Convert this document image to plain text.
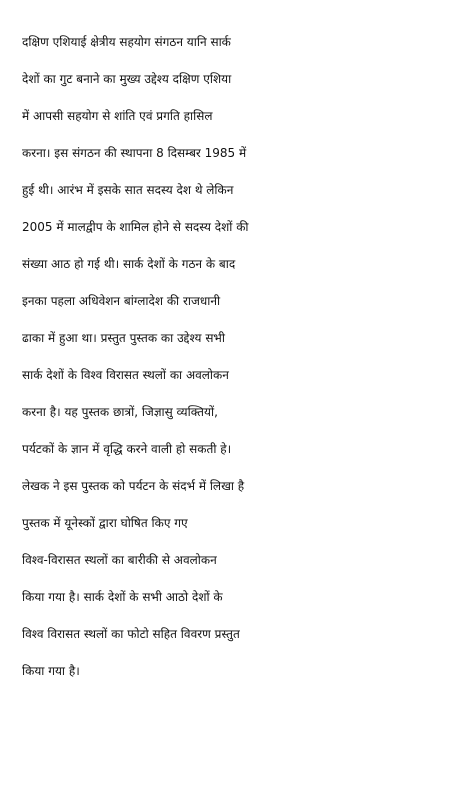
दक्षिण एशियाई क्षेत्रीय सहयोग संगठन यानि सार्क
देशों का गुट बनाने का मुख्य उद्देश्य दक्षिण एशिया
में आपसी सहयोग से शांति एवं प्रगति हासिल
करना। इस संगठन की स्थापना 8 दिसम्बर 1985 में
हुई थी। आरंभ में इसके सात सदस्य देश थे लेकिन
2005 में मालद्वीप के शामिल होने से सदस्य देशों की
संख्या आठ हो गई थी। सार्क देशों के गठन के बाद
इनका पहला अधिवेशन बांग्लादेश की राजधानी
ढाका में हुआ था। प्रस्तुत पुस्तक का उद्देश्य सभी
सार्क देशों के विश्व विरासत स्थलों का अवलोकन
करना है। यह पुस्तक छात्रों, जिज्ञासु व्यक्तियों,
पर्यटकों के ज्ञान में वृद्धि करने वाली हो सकती हे।
लेखक ने इस पुस्तक को पर्यटन के संदर्भ में लिखा है
पुस्तक में यूनेस्कों द्वारा घोषित किए गए
विश्व-विरासत स्थलों का बारीकी से अवलोकन
किया गया है। सार्क देशों के सभी आठो देशों के
विश्व विरासत स्थलों का फोटो सहित विवरण प्रस्तुत
किया गया है।
